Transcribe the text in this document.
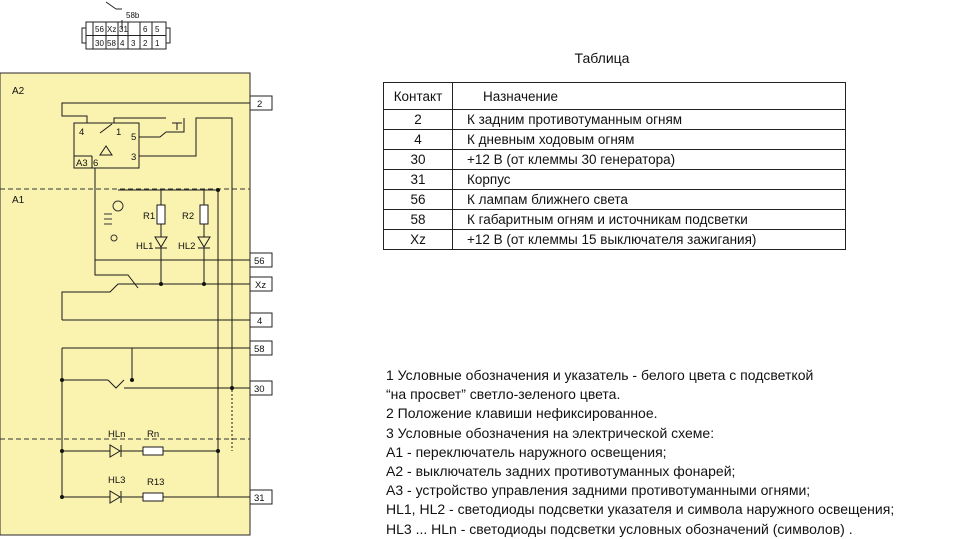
58b
56 Xz 31 6 5
30 58 4 3 2 1
A2
A1
2
56
Xz
4
58
30
31
4	1 5
3
A3 6
R1	R2
HL1	HL2
HLn Rn
HL3 R13
Таблица
Контакт	Назначение
2	К задним противотуманным огням
4	К дневным ходовым огням
30	+12 В (от клеммы 30 генератора)
31	Корпус
56	К лампам ближнего света
58	К габаритным огням и источникам подсветки
Xz	+12 В (от клеммы 15 выключателя зажигания)
1 Условные обозначения и указатель - белого цвета с подсветкой
“на просвет” светло-зеленого цвета.
2 Положение клавиши нефиксированное.
3 Условные обозначения на электрической схеме:
А1 - переключатель наружного освещения;
А2 - выключатель задних противотуманных фонарей;
А3 - устройство управления задними противотуманными огнями;
HL1, HL2 - светодиоды подсветки указателя и символа наружного освещения;
HL3 ... HLn - светодиоды подсветки условных обозначений (символов) .
